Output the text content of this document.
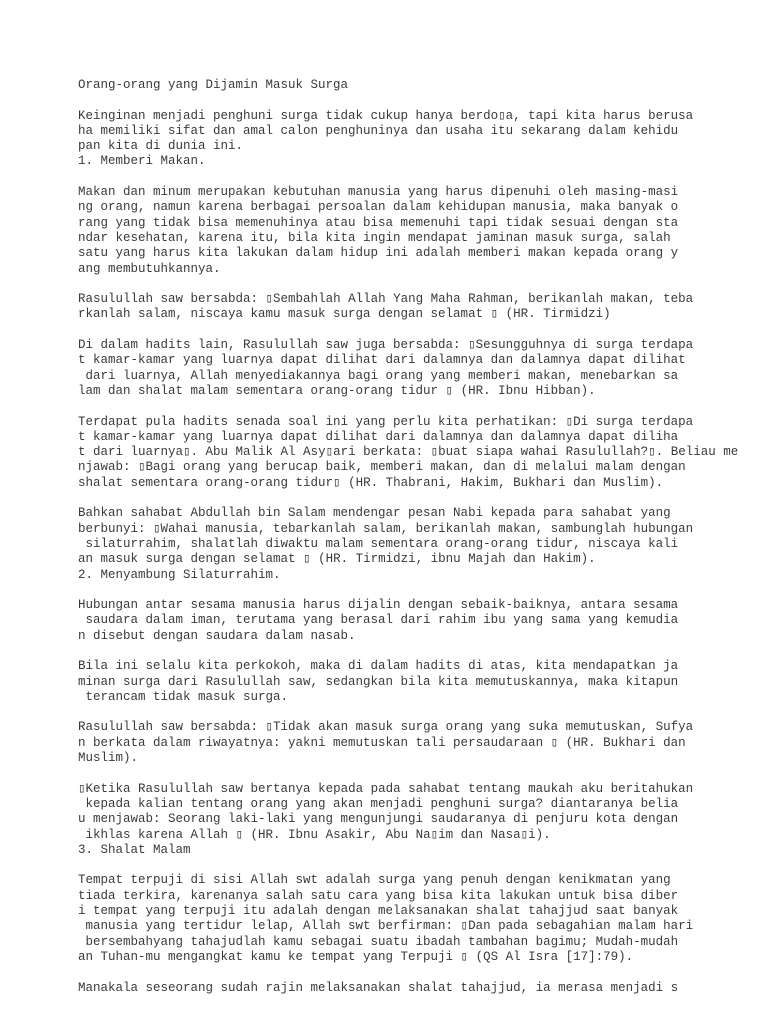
Orang-orang yang Dijamin Masuk Surga
Keinginan menjadi penghuni surga tidak cukup hanya berdo▯a, tapi kita harus berusa
ha memiliki sifat dan amal calon penghuninya dan usaha itu sekarang dalam kehidu
pan kita di dunia ini.
1. Memberi Makan.
Makan dan minum merupakan kebutuhan manusia yang harus dipenuhi oleh masing-masi
ng orang, namun karena berbagai persoalan dalam kehidupan manusia, maka banyak o
rang yang tidak bisa memenuhinya atau bisa memenuhi tapi tidak sesuai dengan sta
ndar kesehatan, karena itu, bila kita ingin mendapat jaminan masuk surga, salah
satu yang harus kita lakukan dalam hidup ini adalah memberi makan kepada orang y
ang membutuhkannya.
Rasulullah saw bersabda: ▯Sembahlah Allah Yang Maha Rahman, berikanlah makan, teba
rkanlah salam, niscaya kamu masuk surga dengan selamat ▯ (HR. Tirmidzi)
Di dalam hadits lain, Rasulullah saw juga bersabda: ▯Sesungguhnya di surga terdapa
t kamar-kamar yang luarnya dapat dilihat dari dalamnya dan dalamnya dapat dilihat
dari luarnya, Allah menyediakannya bagi orang yang memberi makan, menebarkan sa
lam dan shalat malam sementara orang-orang tidur ▯ (HR. Ibnu Hibban).
Terdapat pula hadits senada soal ini yang perlu kita perhatikan: ▯Di surga terdapa
t kamar-kamar yang luarnya dapat dilihat dari dalamnya dan dalamnya dapat diliha
t dari luarnya▯. Abu Malik Al Asy▯ari berkata: ▯buat siapa wahai Rasulullah?▯. Beliau me
njawab: ▯Bagi orang yang berucap baik, memberi makan, dan di melalui malam dengan
shalat sementara orang-orang tidur▯ (HR. Thabrani, Hakim, Bukhari dan Muslim).
Bahkan sahabat Abdullah bin Salam mendengar pesan Nabi kepada para sahabat yang
berbunyi: ▯Wahai manusia, tebarkanlah salam, berikanlah makan, sambunglah hubungan
silaturrahim, shalatlah diwaktu malam sementara orang-orang tidur, niscaya kali
an masuk surga dengan selamat ▯ (HR. Tirmidzi, ibnu Majah dan Hakim).
2. Menyambung Silaturrahim.
Hubungan antar sesama manusia harus dijalin dengan sebaik-baiknya, antara sesama
saudara dalam iman, terutama yang berasal dari rahim ibu yang sama yang kemudia
n disebut dengan saudara dalam nasab.
Bila ini selalu kita perkokoh, maka di dalam hadits di atas, kita mendapatkan ja
minan surga dari Rasulullah saw, sedangkan bila kita memutuskannya, maka kitapun
terancam tidak masuk surga.
Rasulullah saw bersabda: ▯Tidak akan masuk surga orang yang suka memutuskan, Sufya
n berkata dalam riwayatnya: yakni memutuskan tali persaudaraan ▯ (HR. Bukhari dan
Muslim).
▯Ketika Rasulullah saw bertanya kepada pada sahabat tentang maukah aku beritahukan
kepada kalian tentang orang yang akan menjadi penghuni surga? diantaranya belia
u menjawab: Seorang laki-laki yang mengunjungi saudaranya di penjuru kota dengan
ikhlas karena Allah ▯ (HR. Ibnu Asakir, Abu Na▯im dan Nasa▯i).
3. Shalat Malam
Tempat terpuji di sisi Allah swt adalah surga yang penuh dengan kenikmatan yang
tiada terkira, karenanya salah satu cara yang bisa kita lakukan untuk bisa diber
i tempat yang terpuji itu adalah dengan melaksanakan shalat tahajjud saat banyak
manusia yang tertidur lelap, Allah swt berfirman: ▯Dan pada sebagahian malam hari
bersembahyang tahajudlah kamu sebagai suatu ibadah tambahan bagimu; Mudah-mudah
an Tuhan-mu mengangkat kamu ke tempat yang Terpuji ▯ (QS Al Isra [17]:79).
Manakala seseorang sudah rajin melaksanakan shalat tahajjud, ia merasa menjadi s
